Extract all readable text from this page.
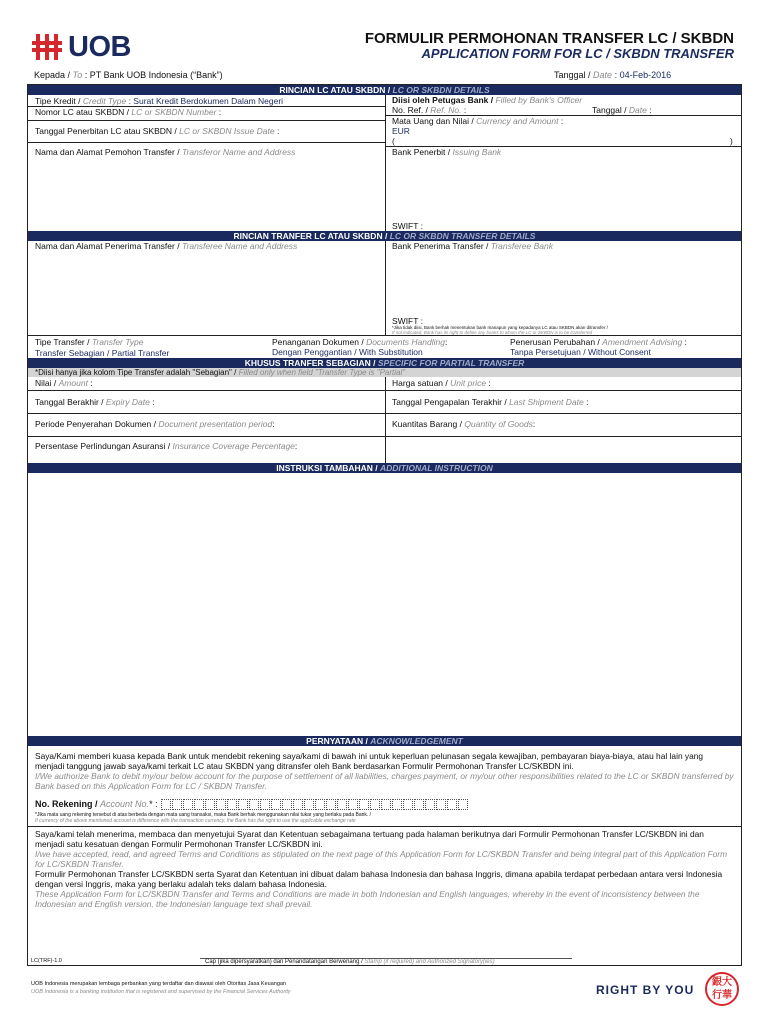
UOB	FORMULIR PERMOHONAN TRANSFER LC / SKBDN
APPLICATION FORM FOR LC / SKBDN TRANSFER
Kepada / To : PT Bank UOB Indonesia (“Bank”)	Tanggal / Date : 04-Feb-2016
RINCIAN LC ATAU SKBDN / LC OR SKBDN DETAILS
Tipe Kredit / Credit Type : Surat Kredit Berdokumen Dalam Negeri
Nomor LC atau SKBDN / LC or SKBDN Number :
Tanggal Penerbitan LC atau SKBDN / LC or SKBDN Issue Date :
Nama dan Alamat Pemohon Transfer / Transferor Name and Address
Diisi oleh Petugas Bank / Filled by Bank's Officer
No. Ref. / Ref. No. :	Tanggal / Date :
Mata Uang dan Nilai / Currency and Amount :
EUR
(	)
Bank Penerbit / Issuing Bank
SWIFT :
RINCIAN TRANFER LC ATAU SKBDN / LC OR SKBDN TRANSFER DETAILS
Nama dan Alamat Penerima Transfer / Transferee Name and Address	Bank Penerima Transfer / Transferee Bank
SWIFT :
*Jika tidak diisi, Bank berhak menentukan bank manapun yang kepadanya LC atau SKBDN akan ditransfer /
If not indicated, Bank has its right to define any banks to whom the LC or SKBDN is to be transferred
Tipe Transfer / Transfer Type
Transfer Sebagian / Partial Transfer
Penanganan Dokumen / Documents Handling:
Dengan Penggantian / With Substitution
Penerusan Perubahan / Amendment Advising :
Tanpa Persetujuan / Without Consent
KHUSUS TRANFER SEBAGIAN / SPECIFIC FOR PARTIAL TRANSFER
*Diisi hanya jika kolom Tipe Transfer adalah "Sebagian" / Filled only when field "Transfer Type is "Partial"
Nilai / Amount :	Harga satuan / Unit price :
Tanggal Berakhir / Expiry Date :	Tanggal Pengapalan Terakhir / Last Shipment Date :
Periode Penyerahan Dokumen / Document presentation period:	Kuantitas Barang / Quantity of Goods:
Persentase Perlindungan Asuransi / Insurance Coverage Percentage:
INSTRUKSI TAMBAHAN / ADDITIONAL INSTRUCTION
PERNYATAAN / ACKNOWLEDGEMENT
Saya/Kami memberi kuasa kepada Bank untuk mendebit rekening saya/kami di bawah ini untuk keperluan pelunasan segala kewajiban, pembayaran biaya-biaya, atau hal lain yang menjadi tanggung jawab saya/kami terkait LC atau SKBDN yang ditransfer oleh Bank berdasarkan Formulir Permohonan Transfer LC/SKBDN ini.
I/We authorize Bank to debit my/our below account for the purpose of settlement of all liabilities, charges payment, or my/our other responsibilities related to the LC or SKBDN transferred by Bank based on this Application Form for LC / SKBDN Transfer.
No. Rekening / Account No.* :
*Jika mata uang rekening tersebut di atas berbeda dengan mata uang transaksi, maka Bank berhak menggunakan nilai tukar yang berlaku pada Bank. /
If currency of the above mentioned account is difference with the transaction currency, the Bank has the right to use the applicable exchange rate
Saya/kami telah menerima, membaca dan menyetujui Syarat dan Ketentuan sebagaimana tertuang pada halaman berikutnya dari Formulir Permohonan Transfer LC/SKBDN ini dan menjadi satu kesatuan dengan Formulir Permohonan Transfer LC/SKBDN ini.
I/we have accepted, read, and agreed Terms and Conditions as stipulated on the next page of this Application Form for LC/SKBDN Transfer and being integral part of this Application Form for LC/SKBDN Transfer.
Formulir Permohonan Transfer LC/SKBDN serta Syarat dan Ketentuan ini dibuat dalam bahasa Indonesia dan bahasa Inggris, dimana apabila terdapat perbedaan antara versi Indonesia dengan versi Inggris, maka yang berlaku adalah teks dalam bahasa Indonesia.
These Application Form for LC/SKBDN Transfer and Terms and Conditions are made in both Indonesian and English languages, whereby in the event of inconsistency between the Indonesian and English version, the Indonesian language text shall prevail.
LC(TRF)-1.0	Cap (jika dipersyaratkan) dan Penandatangan Berwenang / Stamp (if required) and Authorized Signatory(ies)
UOB Indonesia merupakan lembaga perbankan yang terdaftar dan diawasi oleh Otoritas Jasa Keuangan
UOB Indonesia is a banking institution that is registered and supervised by the Financial Services Authority	RIGHT BY YOU
銀大行華
